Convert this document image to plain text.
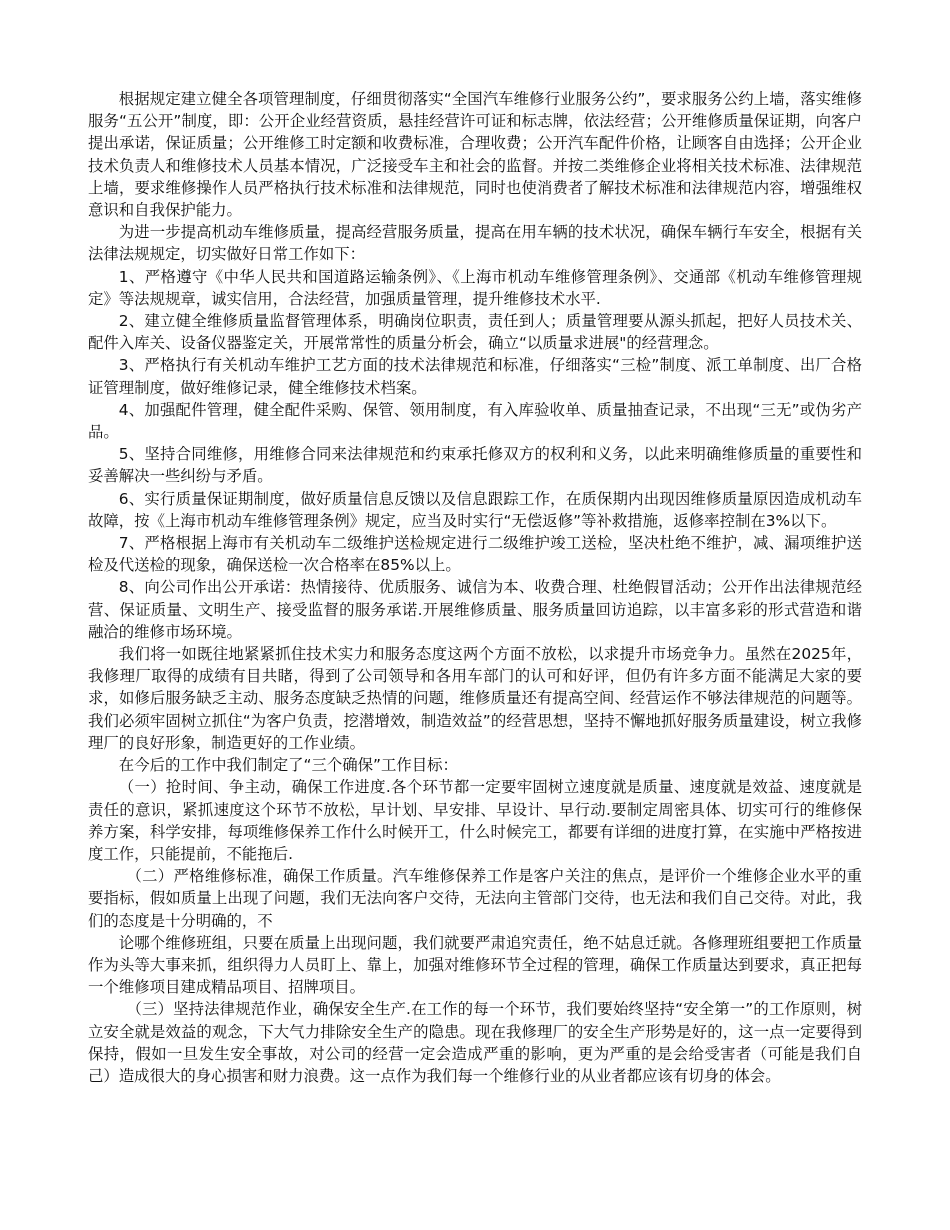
根据规定建立健全各项管理制度，仔细贯彻落实“全国汽车维修行业服务公约”，要求服务公约上墙，落实维修服务“五公开”制度，即：公开企业经营资质，悬挂经营许可证和标志牌，依法经营；公开维修质量保证期，向客户提出承诺，保证质量；公开维修工时定额和收费标准，合理收费；公开汽车配件价格，让顾客自由选择；公开企业技术负责人和维修技术人员基本情况，广泛接受车主和社会的监督。并按二类维修企业将相关技术标准、法律规范上墙，要求维修操作人员严格执行技术标准和法律规范，同时也使消费者了解技术标准和法律规范内容，增强维权意识和自我保护能力。

为进一步提高机动车维修质量，提高经营服务质量，提高在用车辆的技术状况，确保车辆行车安全，根据有关法律法规规定，切实做好日常工作如下：

1、严格遵守《中华人民共和国道路运输条例》、《上海市机动车维修管理条例》、交通部《机动车维修管理规定》等法规规章，诚实信用，合法经营，加强质量管理，提升维修技术水平.

2、建立健全维修质量监督管理体系，明确岗位职责，责任到人；质量管理要从源头抓起，把好人员技术关、配件入库关、设备仪器鉴定关，开展常常性的质量分析会，确立“以质量求进展"的经营理念。

3、严格执行有关机动车维护工艺方面的技术法律规范和标准，仔细落实“三检”制度、派工单制度、出厂合格证管理制度，做好维修记录，健全维修技术档案。

4、加强配件管理，健全配件采购、保管、领用制度，有入库验收单、质量抽查记录，不出现“三无”或伪劣产品。

5、坚持合同维修，用维修合同来法律规范和约束承托修双方的权利和义务，以此来明确维修质量的重要性和妥善解决一些纠纷与矛盾。

6、实行质量保证期制度，做好质量信息反馈以及信息跟踪工作，在质保期内出现因维修质量原因造成机动车故障，按《上海市机动车维修管理条例》规定，应当及时实行“无偿返修”等补救措施，返修率控制在3%以下。

7、严格根据上海市有关机动车二级维护送检规定进行二级维护竣工送检，坚决杜绝不维护，减、漏项维护送检及代送检的现象，确保送检一次合格率在85%以上。

8、向公司作出公开承诺：热情接待、优质服务、诚信为本、收费合理、杜绝假冒活动；公开作出法律规范经营、保证质量、文明生产、接受监督的服务承诺.开展维修质量、服务质量回访追踪，以丰富多彩的形式营造和谐融洽的维修市场环境。

我们将一如既往地紧紧抓住技术实力和服务态度这两个方面不放松，以求提升市场竞争力。虽然在2025年，我修理厂取得的成绩有目共睹，得到了公司领导和各用车部门的认可和好评，但仍有许多方面不能满足大家的要求，如修后服务缺乏主动、服务态度缺乏热情的问题，维修质量还有提高空间、经营运作不够法律规范的问题等。我们必须牢固树立抓住“为客户负责，挖潜增效，制造效益”的经营思想，坚持不懈地抓好服务质量建设，树立我修理厂的良好形象，制造更好的工作业绩。

在今后的工作中我们制定了“三个确保”工作目标：

（一）抢时间、争主动，确保工作进度.各个环节都一定要牢固树立速度就是质量、速度就是效益、速度就是责任的意识，紧抓速度这个环节不放松，早计划、早安排、早设计、早行动.要制定周密具体、切实可行的维修保养方案，科学安排，每项维修保养工作什么时候开工，什么时候完工，都要有详细的进度打算，在实施中严格按进度工作，只能提前，不能拖后.

（二）严格维修标准，确保工作质量。汽车维修保养工作是客户关注的焦点，是评价一个维修企业水平的重要指标，假如质量上出现了问题，我们无法向客户交待，无法向主管部门交待，也无法和我们自己交待。对此，我们的态度是十分明确的，不

论哪个维修班组，只要在质量上出现问题，我们就要严肃追究责任，绝不姑息迁就。各修理班组要把工作质量作为头等大事来抓，组织得力人员盯上、靠上，加强对维修环节全过程的管理，确保工作质量达到要求，真正把每一个维修项目建成精品项目、招牌项目。

（三）坚持法律规范作业，确保安全生产.在工作的每一个环节，我们要始终坚持“安全第一”的工作原则，树立安全就是效益的观念，下大气力排除安全生产的隐患。现在我修理厂的安全生产形势是好的，这一点一定要得到保持，假如一旦发生安全事故，对公司的经营一定会造成严重的影响，更为严重的是会给受害者（可能是我们自己）造成很大的身心损害和财力浪费。这一点作为我们每一个维修行业的从业者都应该有切身的体会。
